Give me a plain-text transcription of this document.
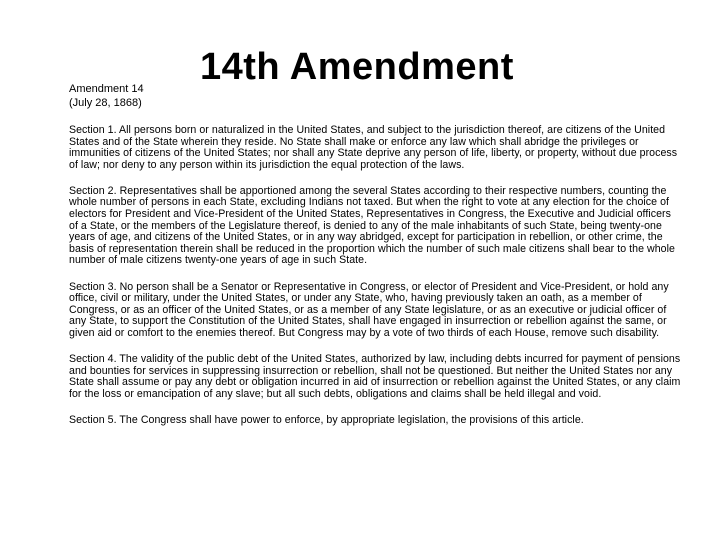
Amendment 14
(July 28, 1868)
14th Amendment

Section 1. All persons born or naturalized in the United States, and subject to the jurisdiction thereof, are citizens of the United States and of the State wherein they reside. No State shall make or enforce any law which shall abridge the privileges or immunities of citizens of the United States; nor shall any State deprive any person of life, liberty, or property, without due process of law; nor deny to any person within its jurisdiction the equal protection of the laws.

Section 2. Representatives shall be apportioned among the several States according to their respective numbers, counting the whole number of persons in each State, excluding Indians not taxed. But when the right to vote at any election for the choice of electors for President and Vice-President of the United States, Representatives in Congress, the Executive and Judicial officers of a State, or the members of the Legislature thereof, is denied to any of the male inhabitants of such State, being twenty-one years of age, and citizens of the United States, or in any way abridged, except for participation in rebellion, or other crime, the basis of representation therein shall be reduced in the proportion which the number of such male citizens shall bear to the whole number of male citizens twenty-one years of age in such State.

Section 3. No person shall be a Senator or Representative in Congress, or elector of President and Vice-President, or hold any office, civil or military, under the United States, or under any State, who, having previously taken an oath, as a member of Congress, or as an officer of the United States, or as a member of any State legislature, or as an executive or judicial officer of any State, to support the Constitution of the United States, shall have engaged in insurrection or rebellion against the same, or given aid or comfort to the enemies thereof. But Congress may by a vote of two thirds of each House, remove such disability.

Section 4. The validity of the public debt of the United States, authorized by law, including debts incurred for payment of pensions and bounties for services in suppressing insurrection or rebellion, shall not be questioned. But neither the United States nor any State shall assume or pay any debt or obligation incurred in aid of insurrection or rebellion against the United States, or any claim for the loss or emancipation of any slave; but all such debts, obligations and claims shall be held illegal and void.

Section 5. The Congress shall have power to enforce, by appropriate legislation, the provisions of this article.
